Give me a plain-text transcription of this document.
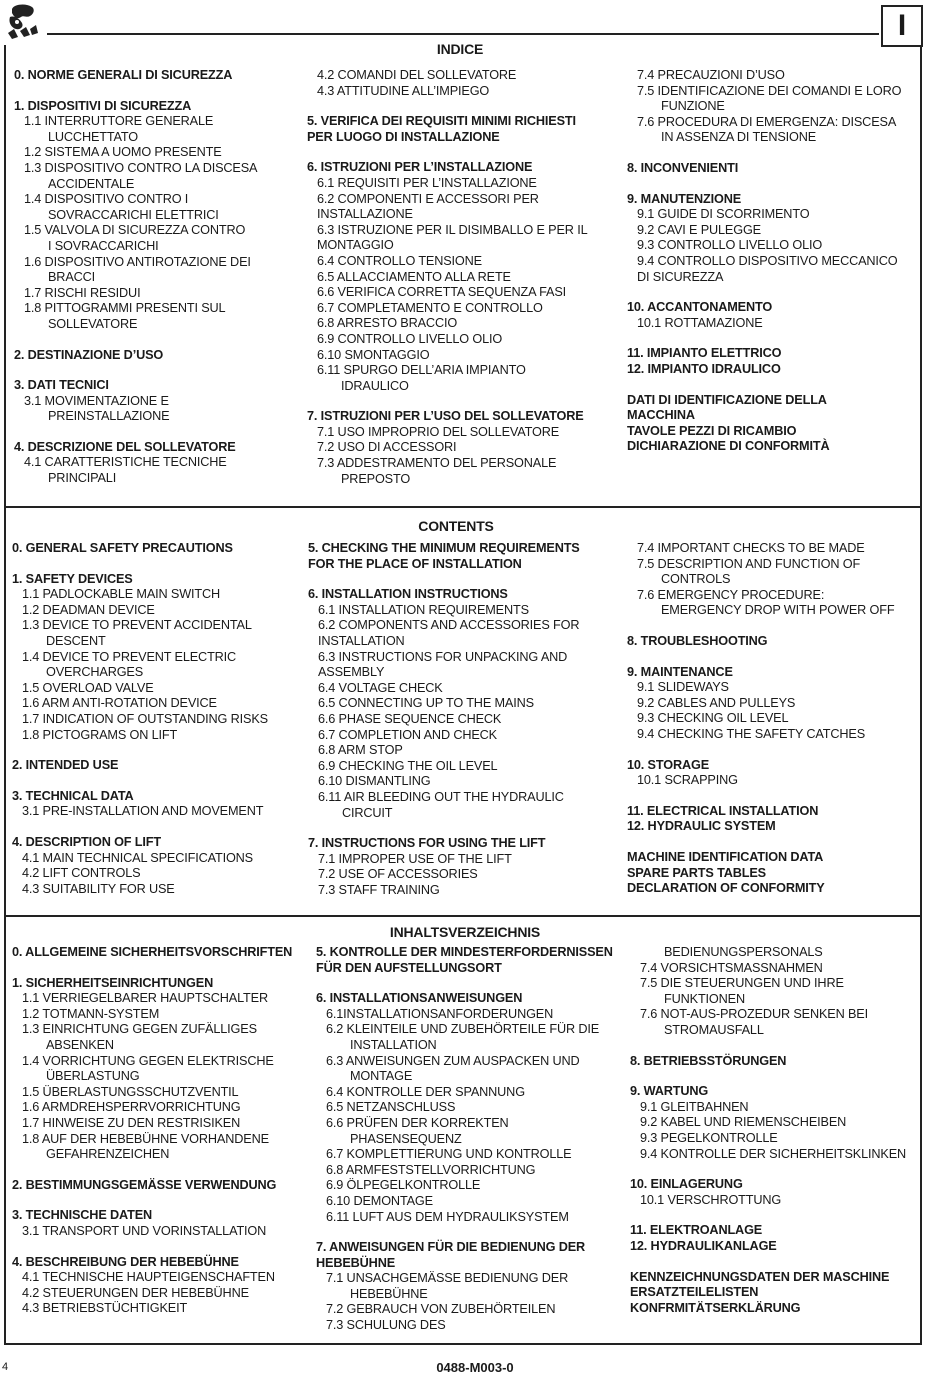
I
INDICE
0. NORME GENERALI DI SICUREZZA
1. DISPOSITIVI DI SICUREZZA
1.1 INTERRUTTORE GENERALE
LUCCHETTATO
1.2 SISTEMA A UOMO PRESENTE
1.3 DISPOSITIVO CONTRO LA DISCESA
ACCIDENTALE
1.4 DISPOSITIVO CONTRO I
SOVRACCARICHI ELETTRICI
1.5 VALVOLA DI SICUREZZA CONTRO
I SOVRACCARICHI
1.6 DISPOSITIVO ANTIROTAZIONE DEI
BRACCI
1.7 RISCHI RESIDUI
1.8 PITTOGRAMMI PRESENTI SUL
SOLLEVATORE
2. DESTINAZIONE D’USO
3. DATI TECNICI
3.1 MOVIMENTAZIONE E
PREINSTALLAZIONE
4. DESCRIZIONE DEL SOLLEVATORE
4.1 CARATTERISTICHE TECNICHE
PRINCIPALI
4.2 COMANDI DEL SOLLEVATORE
4.3 ATTITUDINE ALL’IMPIEGO
5. VERIFICA DEI REQUISITI MINIMI RICHIESTI
PER LUOGO DI INSTALLAZIONE
6. ISTRUZIONI PER L’INSTALLAZIONE
6.1 REQUISITI PER L’INSTALLAZIONE
6.2 COMPONENTI E ACCESSORI PER
INSTALLAZIONE
6.3 ISTRUZIONE PER IL DISIMBALLO E PER IL
MONTAGGIO
6.4 CONTROLLO TENSIONE
6.5 ALLACCIAMENTO ALLA RETE
6.6 VERIFICA CORRETTA SEQUENZA FASI
6.7 COMPLETAMENTO E CONTROLLO
6.8 ARRESTO BRACCIO
6.9 CONTROLLO LIVELLO OLIO
6.10 SMONTAGGIO
6.11 SPURGO DELL’ARIA IMPIANTO
IDRAULICO
7. ISTRUZIONI PER L’USO DEL SOLLEVATORE
7.1 USO IMPROPRIO DEL SOLLEVATORE
7.2 USO DI ACCESSORI
7.3 ADDESTRAMENTO DEL PERSONALE
PREPOSTO
7.4 PRECAUZIONI D’USO
7.5 IDENTIFICAZIONE DEI COMANDI E LORO
FUNZIONE
7.6 PROCEDURA DI EMERGENZA: DISCESA
IN ASSENZA DI TENSIONE
8. INCONVENIENTI
9. MANUTENZIONE
9.1 GUIDE DI SCORRIMENTO
9.2 CAVI E PULEGGE
9.3 CONTROLLO LIVELLO OLIO
9.4 CONTROLLO DISPOSITIVO MECCANICO
DI SICUREZZA
10. ACCANTONAMENTO
10.1 ROTTAMAZIONE
11. IMPIANTO ELETTRICO
12. IMPIANTO IDRAULICO
DATI DI IDENTIFICAZIONE DELLA
MACCHINA
TAVOLE PEZZI DI RICAMBIO
DICHIARAZIONE DI CONFORMITÀ
CONTENTS
0. GENERAL SAFETY PRECAUTIONS
1. SAFETY DEVICES
1.1 PADLOCKABLE MAIN SWITCH
1.2 DEADMAN DEVICE
1.3 DEVICE TO PREVENT ACCIDENTAL
DESCENT
1.4 DEVICE TO PREVENT ELECTRIC
OVERCHARGES
1.5 OVERLOAD VALVE
1.6 ARM ANTI-ROTATION DEVICE
1.7 INDICATION OF OUTSTANDING RISKS
1.8 PICTOGRAMS ON LIFT
2. INTENDED USE
3. TECHNICAL DATA
3.1 PRE-INSTALLATION AND MOVEMENT
4. DESCRIPTION OF LIFT
4.1 MAIN TECHNICAL SPECIFICATIONS
4.2 LIFT CONTROLS
4.3 SUITABILITY FOR USE
5. CHECKING THE MINIMUM REQUIREMENTS
FOR THE PLACE OF INSTALLATION
6. INSTALLATION INSTRUCTIONS
6.1 INSTALLATION REQUIREMENTS
6.2 COMPONENTS AND ACCESSORIES FOR
INSTALLATION
6.3 INSTRUCTIONS FOR UNPACKING AND
ASSEMBLY
6.4 VOLTAGE CHECK
6.5 CONNECTING UP TO THE MAINS
6.6 PHASE SEQUENCE CHECK
6.7 COMPLETION AND CHECK
6.8 ARM STOP
6.9 CHECKING THE OIL LEVEL
6.10 DISMANTLING
6.11 AIR BLEEDING OUT THE HYDRAULIC
CIRCUIT
7. INSTRUCTIONS FOR USING THE LIFT
7.1 IMPROPER USE OF THE LIFT
7.2 USE OF ACCESSORIES
7.3 STAFF TRAINING
7.4 IMPORTANT CHECKS TO BE MADE
7.5 DESCRIPTION AND FUNCTION OF
CONTROLS
7.6 EMERGENCY PROCEDURE:
EMERGENCY DROP WITH POWER OFF
8. TROUBLESHOOTING
9. MAINTENANCE
9.1 SLIDEWAYS
9.2 CABLES AND PULLEYS
9.3 CHECKING OIL LEVEL
9.4 CHECKING THE SAFETY CATCHES
10. STORAGE
10.1 SCRAPPING
11. ELECTRICAL INSTALLATION
12. HYDRAULIC SYSTEM
MACHINE IDENTIFICATION DATA
SPARE PARTS TABLES
DECLARATION OF CONFORMITY
INHALTSVERZEICHNIS
0. ALLGEMEINE SICHERHEITSVORSCHRIFTEN
1. SICHERHEITSEINRICHTUNGEN
1.1 VERRIEGELBARER HAUPTSCHALTER
1.2 TOTMANN-SYSTEM
1.3 EINRICHTUNG GEGEN ZUFÄLLIGES
ABSENKEN
1.4 VORRICHTUNG GEGEN ELEKTRISCHE
ÜBERLASTUNG
1.5 ÜBERLASTUNGSSCHUTZVENTIL
1.6 ARMDREHSPERRVORRICHTUNG
1.7 HINWEISE ZU DEN RESTRISIKEN
1.8 AUF DER HEBEBÜHNE VORHANDENE
GEFAHRENZEICHEN
2. BESTIMMUNGSGEMÄSSE VERWENDUNG
3. TECHNISCHE DATEN
3.1 TRANSPORT UND VORINSTALLATION
4. BESCHREIBUNG DER HEBEBÜHNE
4.1 TECHNISCHE HAUPTEIGENSCHAFTEN
4.2 STEUERUNGEN DER HEBEBÜHNE
4.3 BETRIEBSTÜCHTIGKEIT
5. KONTROLLE DER MINDESTERFORDERNISSEN
FÜR DEN AUFSTELLUNGSORT
6. INSTALLATIONSANWEISUNGEN
6.1INSTALLATIONSANFORDERUNGEN
6.2 KLEINTEILE UND ZUBEHÖRTEILE FÜR DIE
INSTALLATION
6.3 ANWEISUNGEN ZUM AUSPACKEN UND
MONTAGE
6.4 KONTROLLE DER SPANNUNG
6.5 NETZANSCHLUSS
6.6 PRÜFEN DER KORREKTEN
PHASENSEQUENZ
6.7 KOMPLETTIERUNG UND KONTROLLE
6.8 ARMFESTSTELLVORRICHTUNG
6.9 ÖLPEGELKONTROLLE
6.10 DEMONTAGE
6.11 LUFT AUS DEM HYDRAULIKSYSTEM
7. ANWEISUNGEN FÜR DIE BEDIENUNG DER
HEBEBÜHNE
7.1 UNSACHGEMÄSSE BEDIENUNG DER
HEBEBÜHNE
7.2 GEBRAUCH VON ZUBEHÖRTEILEN
7.3 SCHULUNG DES
BEDIENUNGSPERSONALS
7.4 VORSICHTSMASSNAHMEN
7.5 DIE STEUERUNGEN UND IHRE
FUNKTIONEN
7.6 NOT-AUS-PROZEDUR SENKEN BEI
STROMAUSFALL
8. BETRIEBSSTÖRUNGEN
9. WARTUNG
9.1 GLEITBAHNEN
9.2 KABEL UND RIEMENSCHEIBEN
9.3 PEGELKONTROLLE
9.4 KONTROLLE DER SICHERHEITSKLINKEN
10. EINLAGERUNG
10.1 VERSCHROTTUNG
11. ELEKTROANLAGE
12. HYDRAULIKANLAGE
KENNZEICHNUNGSDATEN DER MASCHINE
ERSATZTEILELISTEN
KONFRMITÄTSERKLÄRUNG
4	0488-M003-0
